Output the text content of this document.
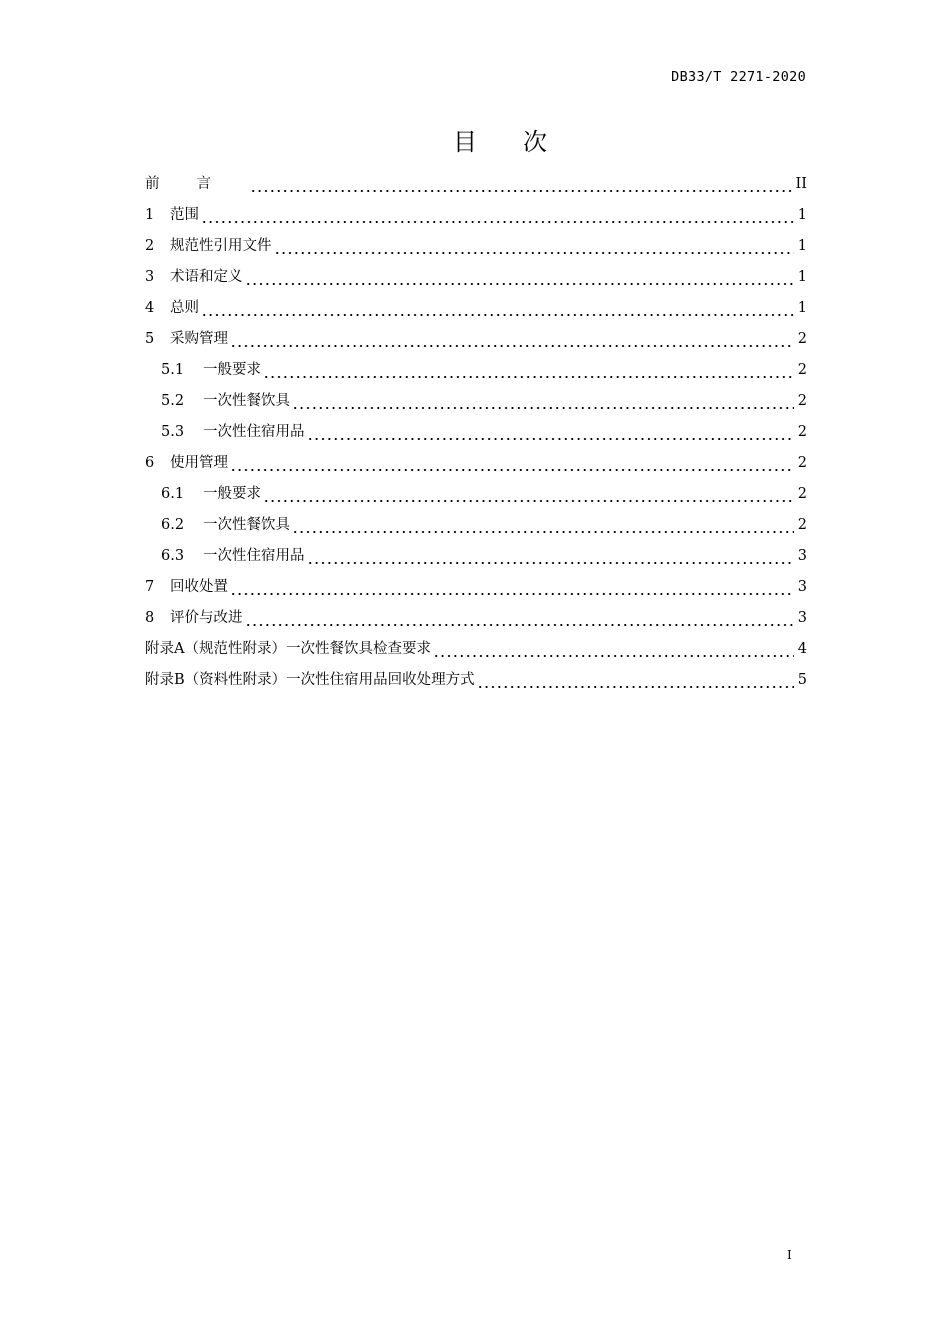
DB33/T 2271-2020
目次
前言	II
1	范围	1
2	规范性引用文件	1
3	术语和定义	1
4	总则	1
5	采购管理	2
5.1	一般要求	2
5.2	一次性餐饮具	2
5.3	一次性住宿用品	2
6	使用管理	2
6.1	一般要求	2
6.2	一次性餐饮具	2
6.3	一次性住宿用品	3
7	回收处置	3
8	评价与改进	3
附录A（规范性附录）一次性餐饮具检查要求	4
附录B（资料性附录）一次性住宿用品回收处理方式	5
I
